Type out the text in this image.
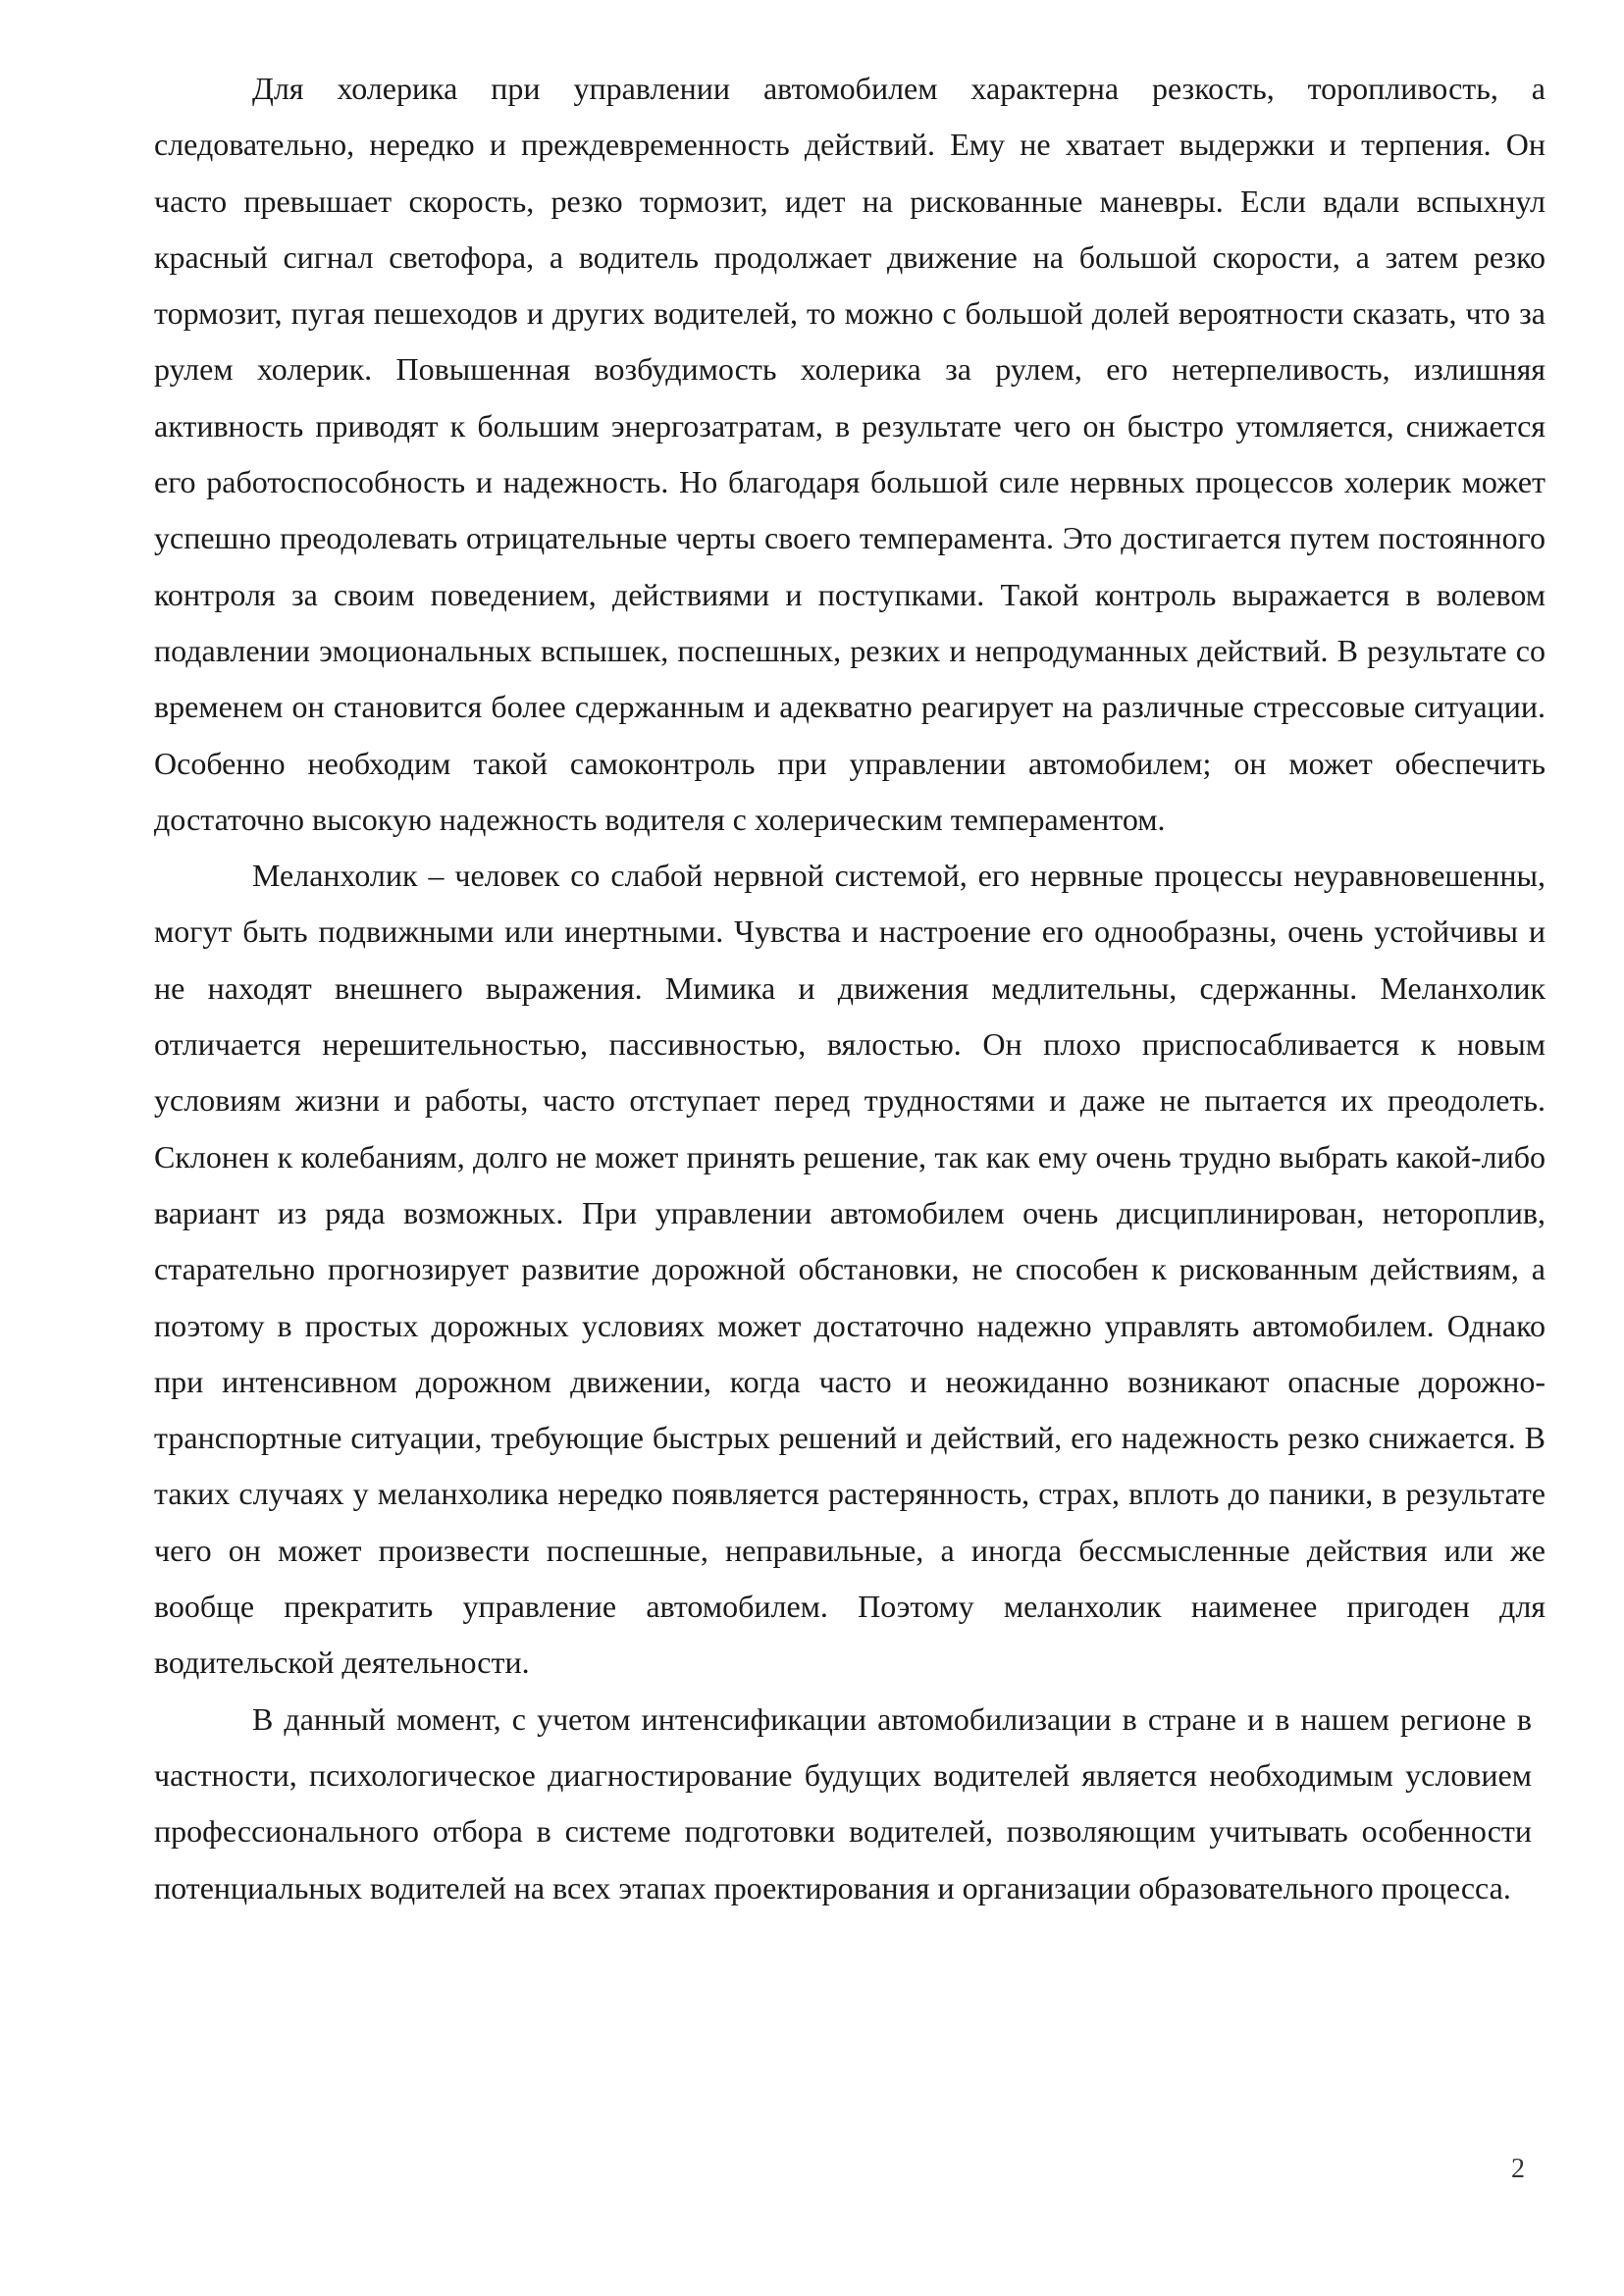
Для холерика при управлении автомобилем характерна резкость, торопливость, а следовательно, нередко и преждевременность действий. Ему не хватает выдержки и терпения. Он часто превышает скорость, резко тормозит, идет на рискованные маневры. Если вдали вспыхнул красный сигнал светофора, а водитель продолжает движение на большой скорости, а затем резко тормозит, пугая пешеходов и других водителей, то можно с большой долей вероятности сказать, что за рулем холерик. Повышенная возбудимость холерика за рулем, его нетерпеливость, излишняя активность приводят к большим энергозатратам, в результате чего он быстро утомляется, снижается его работоспособность и надежность. Но благодаря большой силе нервных процессов холерик может успешно преодолевать отрицательные черты своего темперамента. Это достигается путем постоянного контроля за своим поведением, действиями и поступками. Такой контроль выражается в волевом подавлении эмоциональных вспышек, поспешных, резких и непродуманных действий. В результате со временем он становится более сдержанным и адекватно реагирует на различные стрессовые ситуации. Особенно необходим такой самоконтроль при управлении автомобилем; он может обеспечить достаточно высокую надежность водителя с холерическим темпераментом.

Меланхолик – человек со слабой нервной системой, его нервные процессы неуравновешенны, могут быть подвижными или инертными. Чувства и настроение его однообразны, очень устойчивы и не находят внешнего выражения. Мимика и движения медлительны, сдержанны. Меланхолик отличается нерешительностью, пассивностью, вялостью. Он плохо приспосабливается к новым условиям жизни и работы, часто отступает перед трудностями и даже не пытается их преодолеть. Склонен к колебаниям, долго не может принять решение, так как ему очень трудно выбрать какой-либо вариант из ряда возможных. При управлении автомобилем очень дисциплинирован, нетороплив, старательно прогнозирует развитие дорожной обстановки, не способен к рискованным действиям, а поэтому в простых дорожных условиях может достаточно надежно управлять автомобилем. Однако при интенсивном дорожном движении, когда часто и неожиданно возникают опасные дорожно-транспортные ситуации, требующие быстрых решений и действий, его надежность резко снижается. В таких случаях у меланхолика нередко появляется растерянность, страх, вплоть до паники, в результате чего он может произвести поспешные, неправильные, а иногда бессмысленные действия или же вообще прекратить управление автомобилем. Поэтому меланхолик наименее пригоден для водительской деятельности.

В данный момент, с учетом интенсификации автомобилизации в стране и в нашем регионе в частности, психологическое диагностирование будущих водителей является необходимым условием профессионального отбора в системе подготовки водителей, позволяющим учитывать особенности потенциальных водителей на всех этапах проектирования и организации образовательного процесса.

2
